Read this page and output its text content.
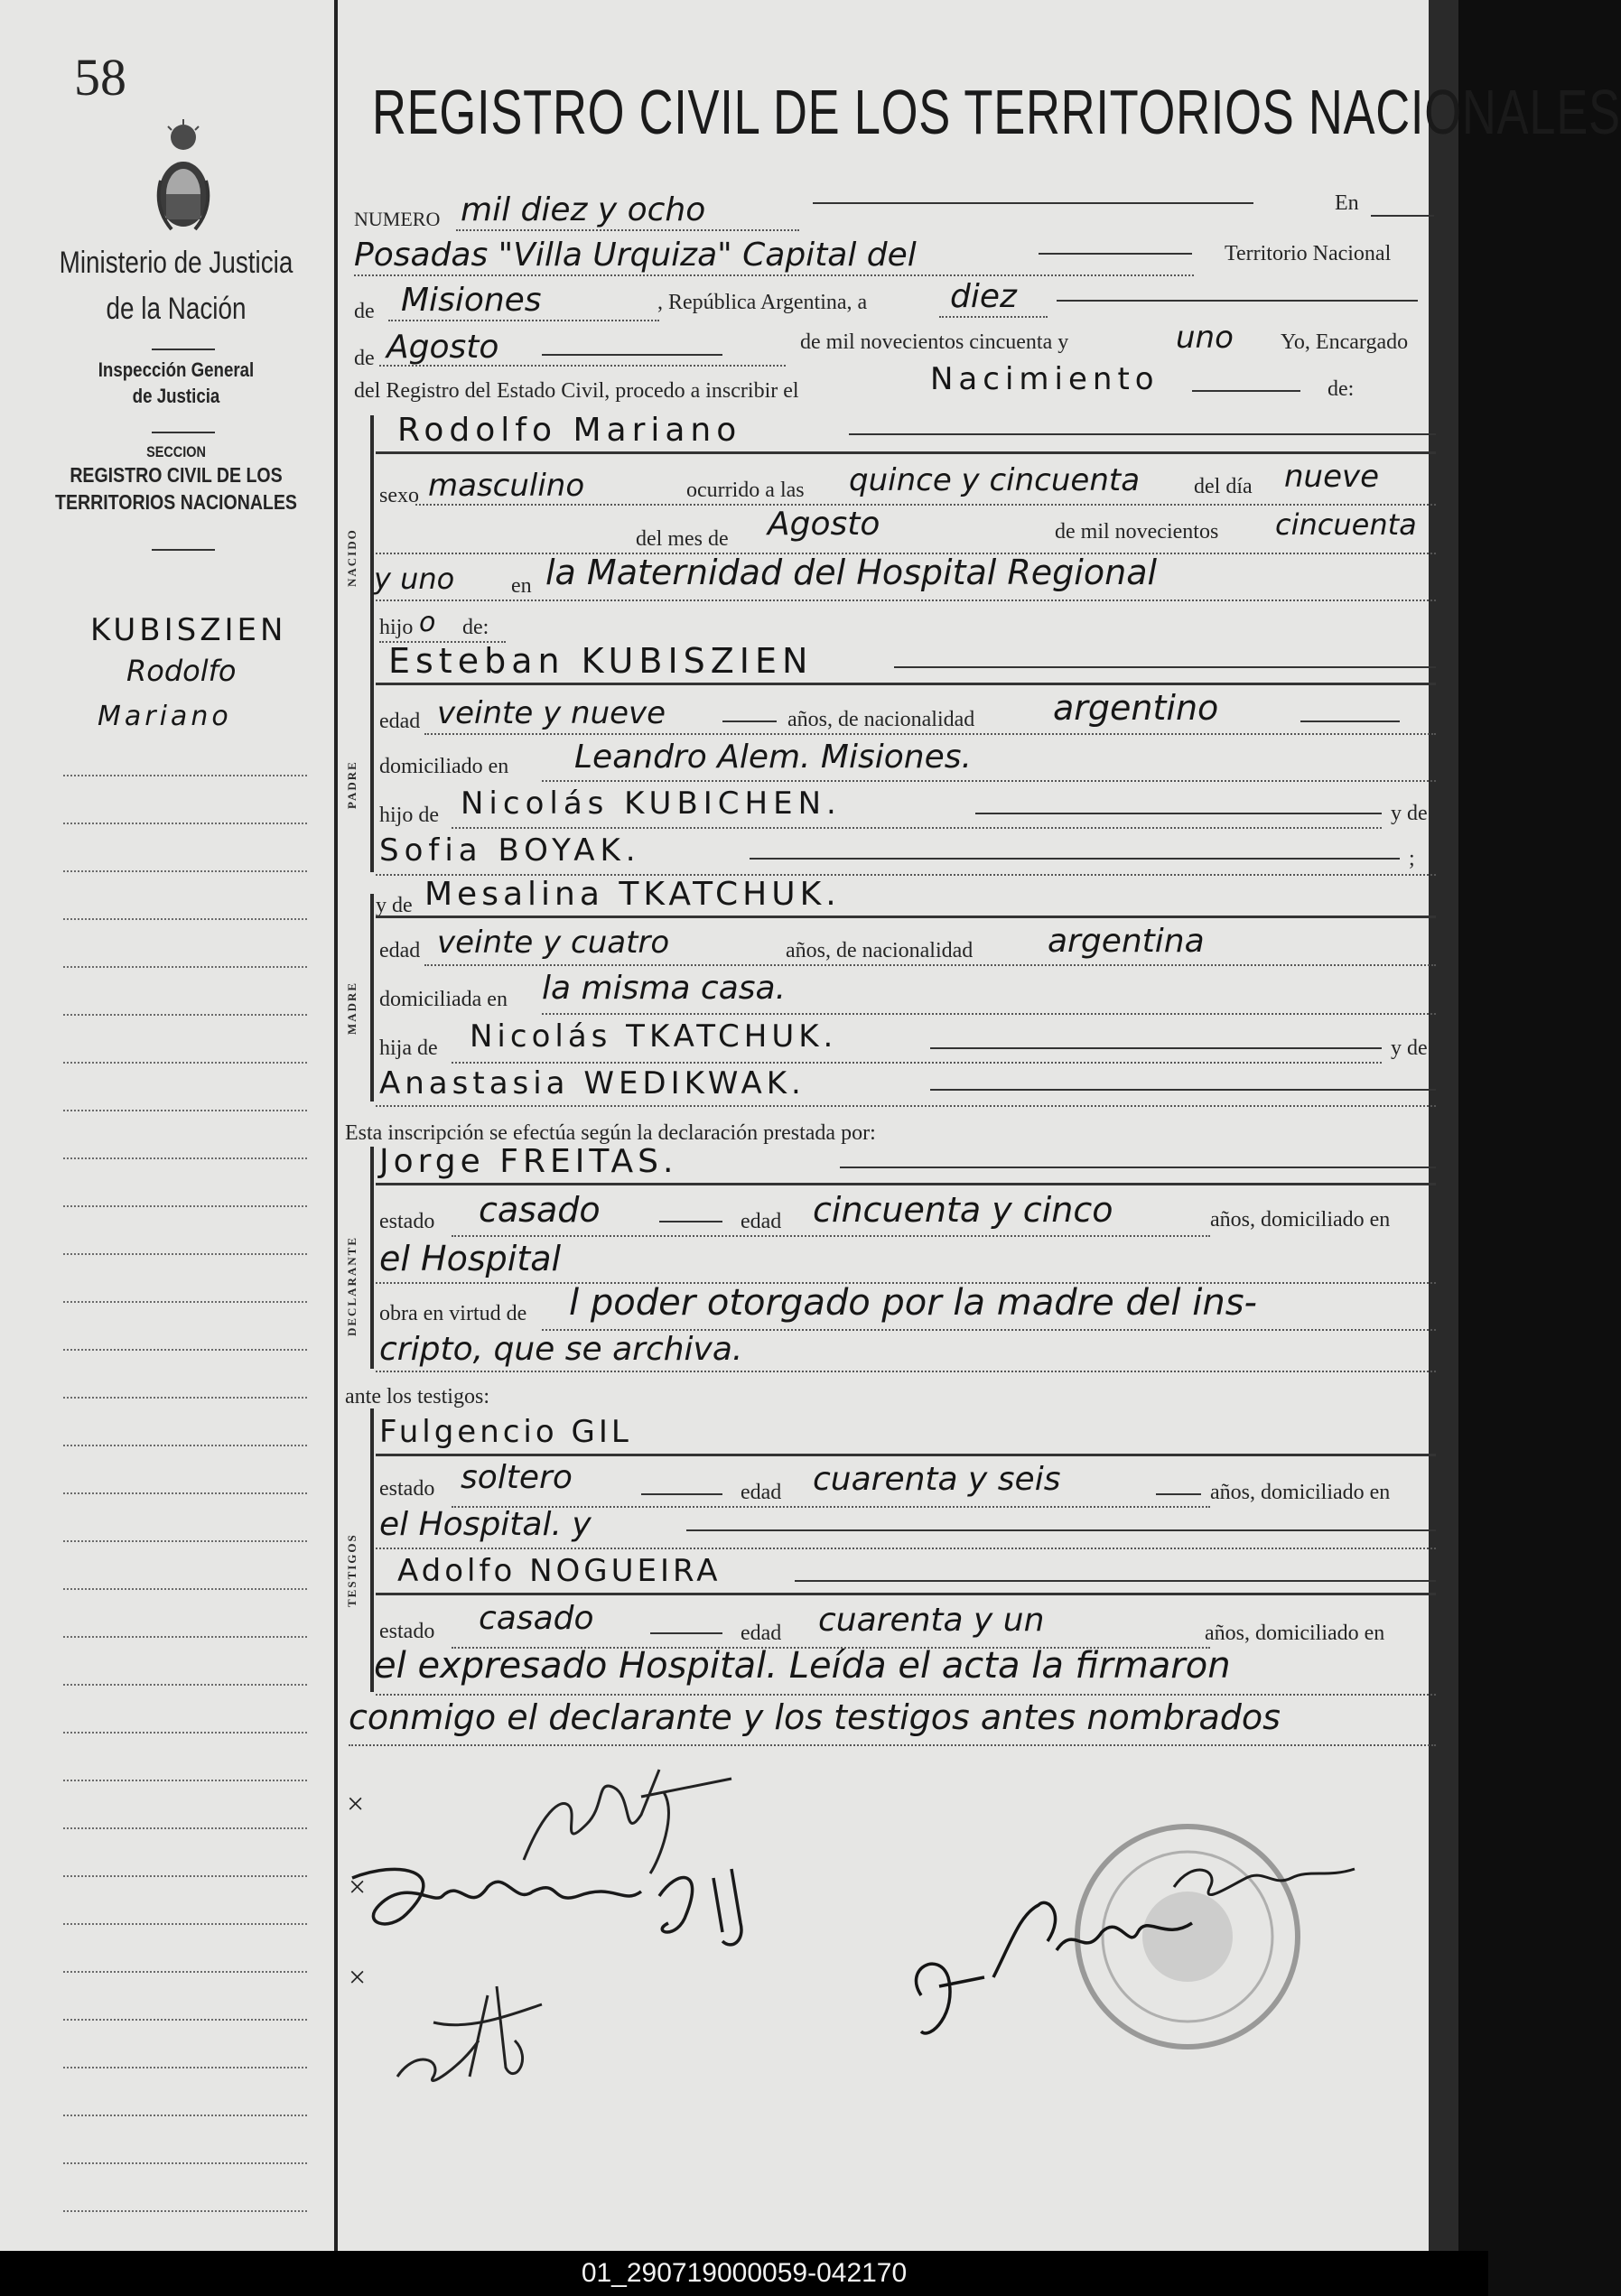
58
Ministerio de Justicia
de la Nación
Inspección General
de Justicia
SECCION
REGISTRO CIVIL DE LOS
TERRITORIOS NACIONALES
KUBISZIEN
Rodolfo
Mariano
REGISTRO CIVIL DE LOS TERRITORIOS NACIONALES
NUMERO mil diez y ocho	En
Posadas "Villa Urquiza" Capital del	Territorio Nacional
de Misiones	, República Argentina, a	diez
de Agosto	de mil novecientos cincuenta y	uno Yo, Encargado
del Registro del Estado Civil, procedo a inscribir el	Nacimiento	de:
NACIDO
Rodolfo Mariano
sexo masculino	ocurrido a las quince y cincuenta del día nueve
del mes de Agosto	de mil novecientos cincuenta
y uno	en la Maternidad del Hospital Regional
hijo o de:
PADRE
Esteban KUBISZIEN
edad veinte y nueve	años, de nacionalidad argentino
domiciliado en Leandro Alem. Misiones.
hijo de Nicolás KUBICHEN.	y de
Sofia BOYAK.	;
MADRE
y de Mesalina TKATCHUK.
edad veinte y cuatro	años, de nacionalidad argentina
domiciliada en la misma casa.
hija de Nicolás TKATCHUK.	y de
Anastasia WEDIKWAK.
Esta inscripción se efectúa según la declaración prestada por:
DECLARANTE
Jorge FREITAS.
estado casado	edad cincuenta y cinco	años, domiciliado en
el Hospital
obra en virtud de l poder otorgado por la madre del ins-
cripto, que se archiva.
ante los testigos:
TESTIGOS
Fulgencio GIL
estado soltero	edad cuarenta y seis	años, domiciliado en
el Hospital. y
Adolfo NOGUEIRA
estado casado	edad cuarenta y un	años, domiciliado en
el expresado Hospital. Leída el acta la firmaron
conmigo el declarante y los testigos antes nombrados
×
×
×
01_290719000059-042170
